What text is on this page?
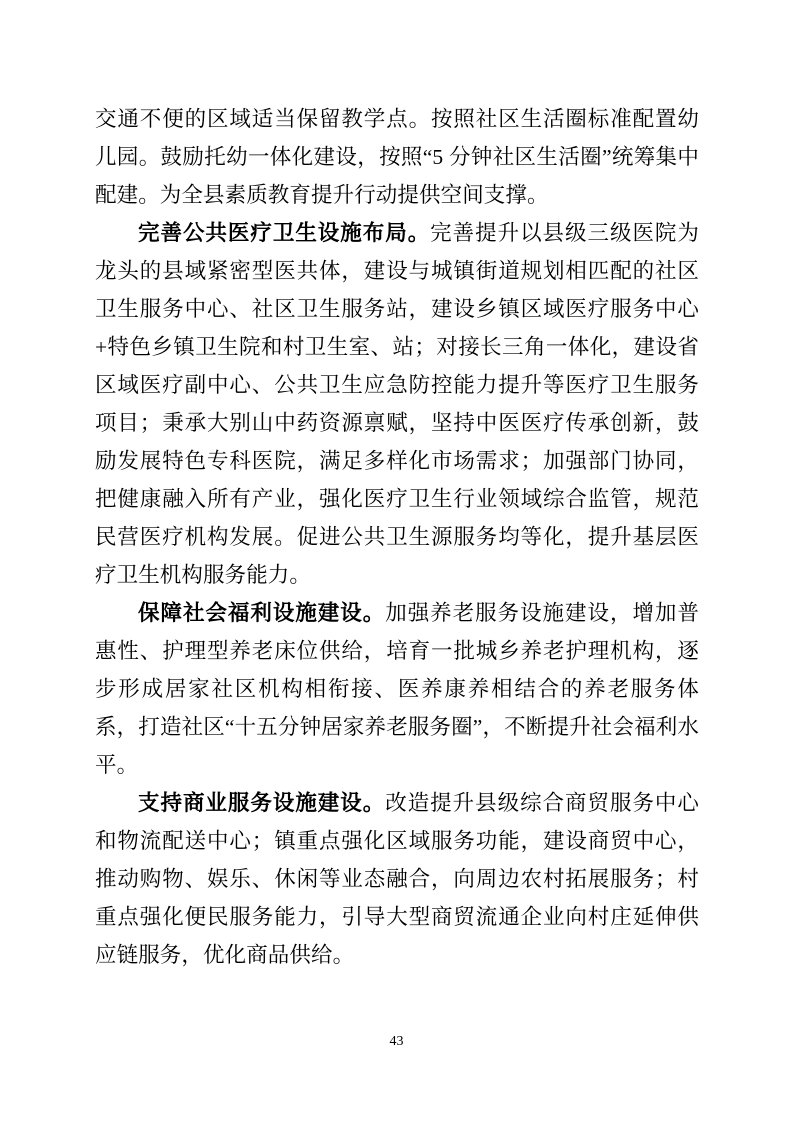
交通不便的区域适当保留教学点。按照社区生活圈标准配置幼儿园。鼓励托幼一体化建设，按照“5 分钟社区生活圈”统筹集中配建。为全县素质教育提升行动提供空间支撑。

完善公共医疗卫生设施布局。完善提升以县级三级医院为龙头的县域紧密型医共体，建设与城镇街道规划相匹配的社区卫生服务中心、社区卫生服务站，建设乡镇区域医疗服务中心+特色乡镇卫生院和村卫生室、站；对接长三角一体化，建设省区域医疗副中心、公共卫生应急防控能力提升等医疗卫生服务项目；秉承大别山中药资源禀赋，坚持中医医疗传承创新，鼓励发展特色专科医院，满足多样化市场需求；加强部门协同，把健康融入所有产业，强化医疗卫生行业领域综合监管，规范民营医疗机构发展。促进公共卫生源服务均等化，提升基层医疗卫生机构服务能力。

保障社会福利设施建设。加强养老服务设施建设，增加普惠性、护理型养老床位供给，培育一批城乡养老护理机构，逐步形成居家社区机构相衔接、医养康养相结合的养老服务体系，打造社区“十五分钟居家养老服务圈”，不断提升社会福利水平。

支持商业服务设施建设。改造提升县级综合商贸服务中心和物流配送中心；镇重点强化区域服务功能，建设商贸中心，推动购物、娱乐、休闲等业态融合，向周边农村拓展服务；村重点强化便民服务能力，引导大型商贸流通企业向村庄延伸供应链服务，优化商品供给。

43
